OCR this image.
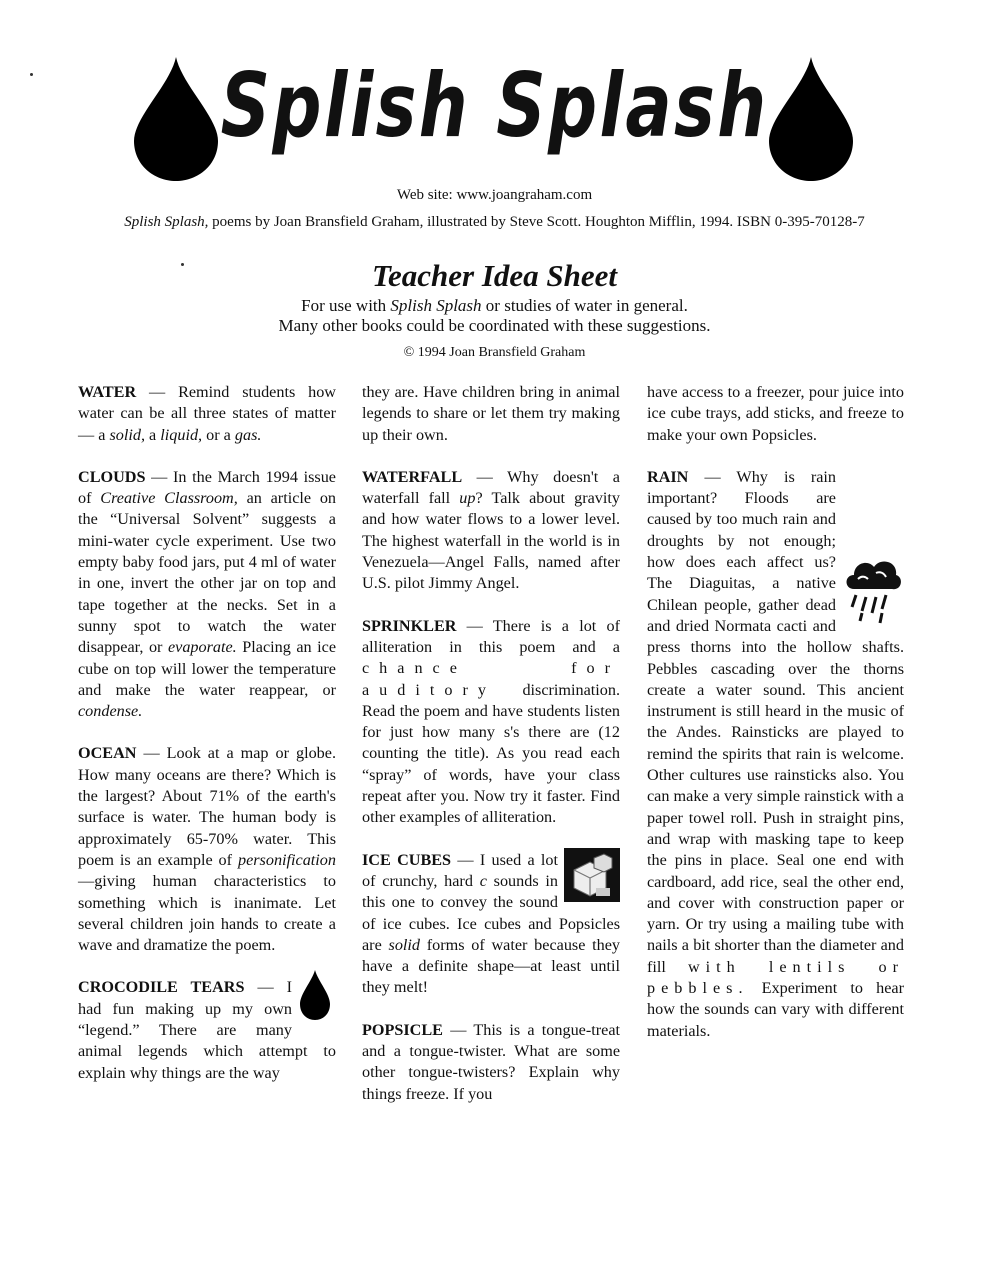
Splish Splash
Web site: www.joangraham.com
Splish Splash, poems by Joan Bransfield Graham, illustrated by Steve Scott. Houghton Mifflin, 1994. ISBN 0-395-70128-7
Teacher Idea Sheet
For use with Splish Splash or studies of water in general.
Many other books could be coordinated with these suggestions.
© 1994 Joan Bransfield Graham

WATER — Remind students how water can be all three states of matter — a solid, a liquid, or a gas.

CLOUDS — In the March 1994 issue of Creative Classroom, an article on the “Universal Solvent” suggests a mini-water cycle experiment. Use two empty baby food jars, put 4 ml of water in one, invert the other jar on top and tape together at the necks. Set in a sunny spot to watch the water disappear, or evaporate. Placing an ice cube on top will lower the temperature and make the water reappear, or condense.

OCEAN — Look at a map or globe. How many oceans are there? Which is the largest? About 71% of the earth's surface is water. The human body is approximately 65-70% water. This poem is an example of personification—giving human characteristics to something which is inanimate. Let several children join hands to create a wave and dramatize the poem.

CROCODILE TEARS — I had fun making up my own “legend.” There are many animal legends which attempt to explain why things are the way

they are. Have children bring in animal legends to share or let them try making up their own.

WATERFALL — Why doesn't a waterfall fall up? Talk about gravity and how water flows to a lower level. The highest waterfall in the world is in Venezuela—Angel Falls, named after U.S. pilot Jimmy Angel.

SPRINKLER — There is a lot of alliteration in this poem and a chance for auditory discrimination. Read the poem and have students listen for just how many s's there are (12 counting the title). As you read each “spray” of words, have your class repeat after you. Now try it faster. Find other examples of alliteration.

ICE CUBES — I used a lot of crunchy, hard c sounds in this one to convey the sound of ice cubes. Ice cubes and Popsicles are solid forms of water because they have a definite shape—at least until they melt!

POPSICLE — This is a tongue-treat and a tongue-twister. What are some other tongue-twisters? Explain why things freeze. If you

have access to a freezer, pour juice into ice cube trays, add sticks, and freeze to make your own Popsicles.

RAIN
— Why is rain important? Floods are caused by too much rain and droughts by not enough; how does each affect us? The Diaguitas, a native Chilean people, gather dead and dried Normata cacti and press thorns into the hollow shafts. Pebbles cascading over the thorns create a water sound. This ancient instrument is still heard in the music of the Andes. Rainsticks are played to remind the spirits that rain is welcome. Other cultures use rainsticks also. You can make a very simple rainstick with a paper towel roll. Push in straight pins, and wrap with masking tape to keep the pins in place. Seal one end with cardboard, add rice, seal the other end, and cover with construction paper or yarn. Or try using a mailing tube with nails a bit shorter than the diameter and fill with lentils or pebbles. Experiment to hear how the sounds can vary with different materials.
